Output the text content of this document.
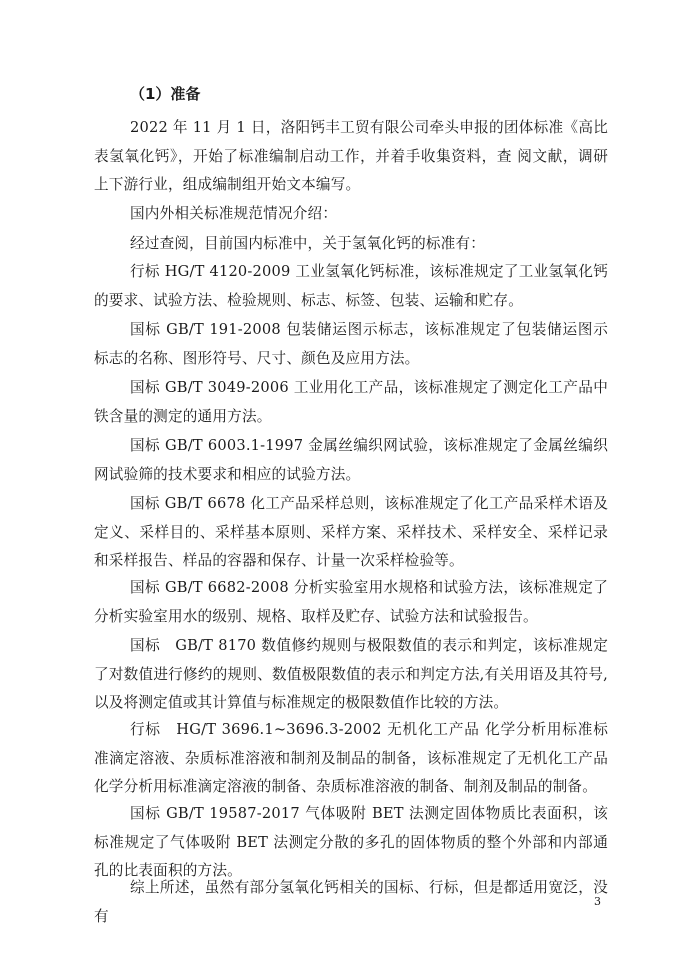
（1）准备
2022 年 11 月 1 日，洛阳钙丰工贸有限公司牵头申报的团体标准《高比表氢氧化钙》，开始了标准编制启动工作，并着手收集资料，查 阅文献，调研上下游行业，组成编制组开始文本编写。
国内外相关标准规范情况介绍：
经过查阅，目前国内标准中，关于氢氧化钙的标准有：
行标 HG/T 4120-2009 工业氢氧化钙标准，该标准规定了工业氢氧化钙的要求、试验方法、检验规则、标志、标签、包装、运输和贮存。
国标 GB/T 191-2008 包装储运图示标志，该标准规定了包装储运图示标志的名称、图形符号、尺寸、颜色及应用方法。
国标 GB/T 3049-2006 工业用化工产品，该标准规定了测定化工产品中铁含量的测定的通用方法。
国标 GB/T 6003.1-1997 金属丝编织网试验，该标准规定了金属丝编织网试验筛的技术要求和相应的试验方法。
国标 GB/T 6678 化工产品采样总则，该标准规定了化工产品采样术语及定义、采样目的、采样基本原则、采样方案、采样技术、采样安全、采样记录和采样报告、样品的容器和保存、计量一次采样检验等。
国标 GB/T 6682-2008 分析实验室用水规格和试验方法，该标准规定了分析实验室用水的级别、规格、取样及贮存、试验方法和试验报告。
国标　GB/T 8170 数值修约规则与极限数值的表示和判定，该标准规定了对数值进行修约的规则、数值极限数值的表示和判定方法,有关用语及其符号,以及将测定值或其计算值与标准规定的极限数值作比较的方法。
行标　HG/T 3696.1~3696.3-2002 无机化工产品 化学分析用标准标准滴定溶液、杂质标准溶液和制剂及制品的制备，该标准规定了无机化工产品化学分析用标准滴定溶液的制备、杂质标准溶液的制备、制剂及制品的制备。
国标 GB/T 19587-2017 气体吸附 BET 法测定固体物质比表面积，该标准规定了气体吸附 BET 法测定分散的多孔的固体物质的整个外部和内部通孔的比表面积的方法。
综上所述，虽然有部分氢氧化钙相关的国标、行标，但是都适用宽泛，没有
3
